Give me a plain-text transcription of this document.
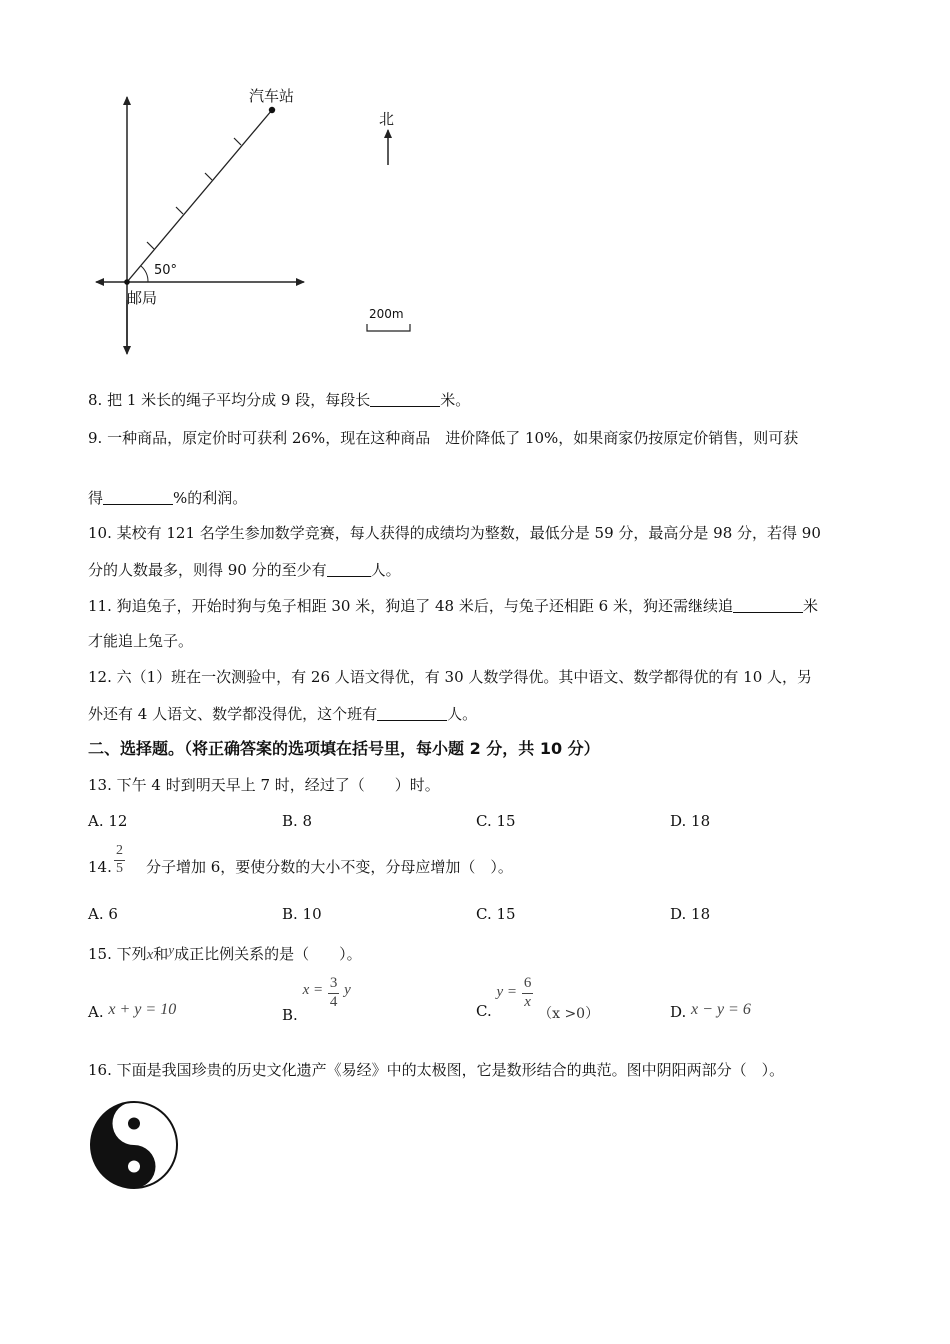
汽车站
50°
邮局
北
200m
8. 把 1 米长的绳子平均分成 9 段，每段长	米。
9. 一种商品，原定价时可获利 26%，现在这种商品　进价降低了 10%，如果商家仍按原定价销售，则可获
得	%的利润。
10. 某校有 121 名学生参加数学竞赛，每人获得的成绩均为整数，最低分是 59 分，最高分是 98 分，若得 90
分的人数最多，则得 90 分的至少有	人。
11. 狗追兔子，开始时狗与兔子相距 30 米，狗追了 48 米后，与兔子还相距 6 米，狗还需继续追	米
才能追上兔子。
12. 六（1）班在一次测验中，有 26 人语文得优，有 30 人数学得优。其中语文、数学都得优的有 10 人，另
外还有 4 人语文、数学都没得优，这个班有	人。
二、选择题。（将正确答案的选项填在括号里，每小题 2 分，共 10 分）
13. 下午 4 时到明天早上 7 时，经过了（　　）时。
A. 12	B. 8	C. 15	D. 18
14. $\frac{2}{5}$ 分子增加 6，要使分数的大小不变，分母应增加（　）。
A. 6	B. 10	C. 15	D. 18
15. 下列x和y成正比例关系的是（　　）。
A. x + y = 10	B. $x = \frac{3}{4}$ y
C. $y = \frac{6}{x}$
（x >0）	D. x − y = 6
16. 下面是我国珍贵的历史文化遗产《易经》中的太极图，它是数形结合的典范。图中阴阳两部分（　）。
